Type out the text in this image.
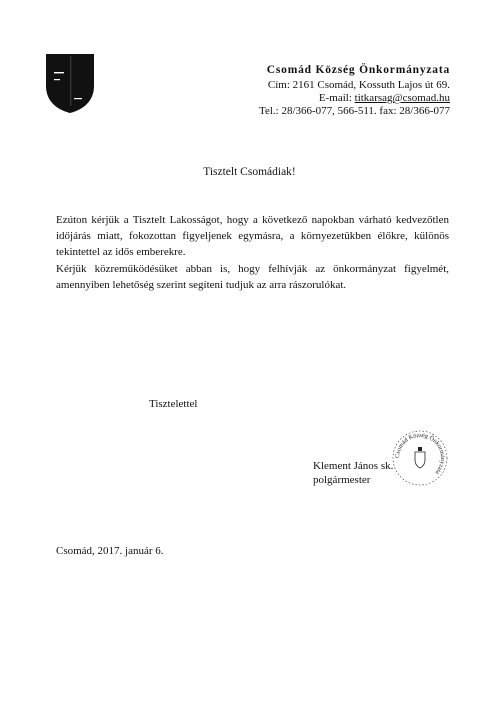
Csomád Község Önkormányzata
Cím: 2161 Csomád, Kossuth Lajos út 69.
E-mail: titkarsag@csomad.hu
Tel.: 28/366-077, 566-511. fax: 28/366-077
Tisztelt Csomádiak!

Ezúton kérjük a Tisztelt Lakosságot, hogy a következő napokban várható kedvezőtlen időjárás miatt, fokozottan figyeljenek egymásra, a környezetükben élőkre, különös tekintettel az idős emberekre.

Kérjük közreműködésüket abban is, hogy felhívják az önkormányzat figyelmét, amennyiben lehetőség szerint segíteni tudjuk az arra rászorulókat.

Tisztelettel
Csomád Község Önkormányzata
Klement János sk.
polgármester
Csomád, 2017. január 6.
